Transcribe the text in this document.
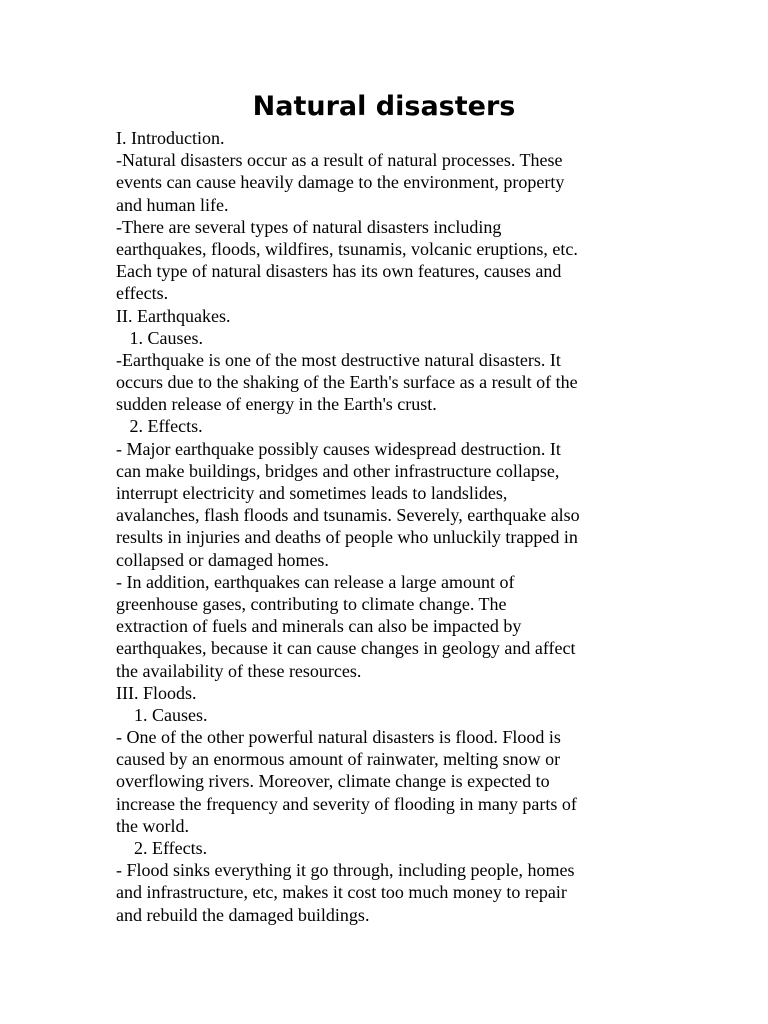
Natural disasters

I. Introduction.

-Natural disasters occur as a result of natural processes. These

events can cause heavily damage to the environment, property

and human life.

-There are several types of natural disasters including

earthquakes, floods, wildfires, tsunamis, volcanic eruptions, etc.

Each type of natural disasters has its own features, causes and

effects.

II. Earthquakes.

1. Causes.

-Earthquake is one of the most destructive natural disasters. It

occurs due to the shaking of the Earth's surface as a result of the

sudden release of energy in the Earth's crust.

2. Effects.

- Major earthquake possibly causes widespread destruction. It

can make buildings, bridges and other infrastructure collapse,

interrupt electricity and sometimes leads to landslides,

avalanches, flash floods and tsunamis. Severely, earthquake also

results in injuries and deaths of people who unluckily trapped in

collapsed or damaged homes.

- In addition, earthquakes can release a large amount of

greenhouse gases, contributing to climate change. The

extraction of fuels and minerals can also be impacted by

earthquakes, because it can cause changes in geology and affect

the availability of these resources.

III. Floods.

1. Causes.

- One of the other powerful natural disasters is flood. Flood is

caused by an enormous amount of rainwater, melting snow or

overflowing rivers. Moreover, climate change is expected to

increase the frequency and severity of flooding in many parts of

the world.

2. Effects.

- Flood sinks everything it go through, including people, homes

and infrastructure, etc, makes it cost too much money to repair

and rebuild the damaged buildings.
